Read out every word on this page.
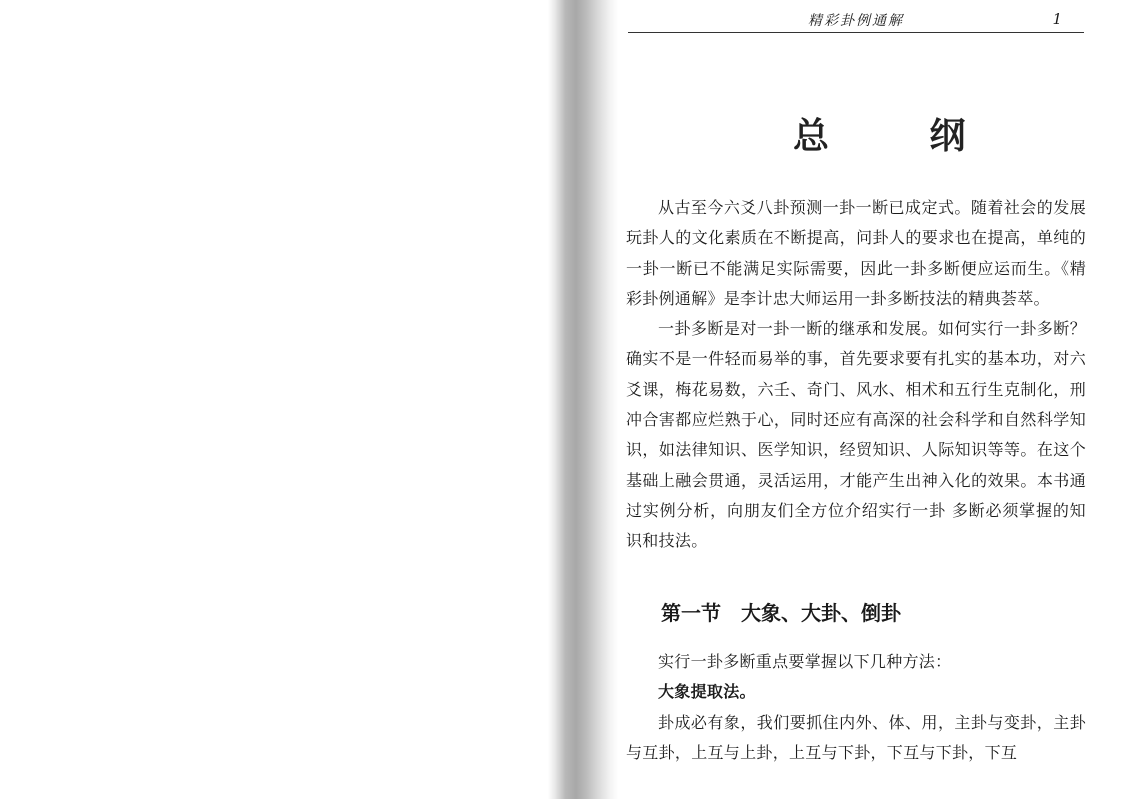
精彩卦例通解	1
总 纲

从古至今六爻八卦预测一卦一断已成定式。随着社会的发展玩卦人的文化素质在不断提高，问卦人的要求也在提高，单纯的一卦一断已不能满足实际需要，因此一卦多断便应运而生。《精彩卦例通解》是李计忠大师运用一卦多断技法的精典荟萃。

一卦多断是对一卦一断的继承和发展。如何实行一卦多断？确实不是一件轻而易举的事，首先要求要有扎实的基本功，对六爻课，梅花易数，六壬、奇门、风水、相术和五行生克制化，刑冲合害都应烂熟于心，同时还应有高深的社会科学和自然科学知识，如法律知识、医学知识，经贸知识、人际知识等等。在这个基础上融会贯通，灵活运用，才能产生出神入化的效果。本书通过实例分析，向朋友们全方位介绍实行一卦 多断必须掌握的知识和技法。

第一节　大象、大卦、倒卦

实行一卦多断重点要掌握以下几种方法：

大象提取法。

卦成必有象，我们要抓住内外、体、用，主卦与变卦，主卦与互卦，上互与上卦，上互与下卦，下互与下卦，下互
